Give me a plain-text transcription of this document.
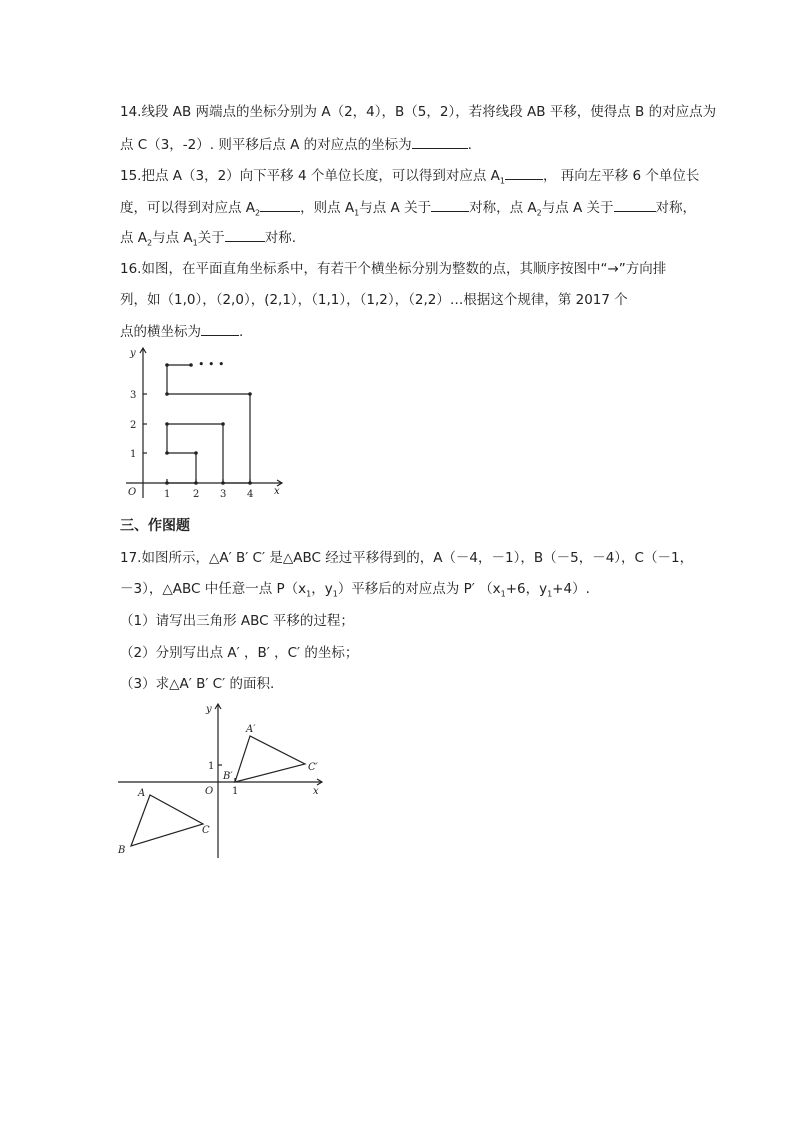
14.线段 AB 两端点的坐标分别为 A（2，4），B（5，2），若将线段 AB 平移，使得点 B 的对应点为
点 C（3，-2）. 则平移后点 A 的对应点的坐标为	.
15.把点 A（3，2）向下平移 4 个单位长度，可以得到对应点 $A_1$	， 再向左平移 6 个单位长
度，可以得到对应点 $A_2$	，则点 $A_1$与点 A 关于	对称，点 $A_2$与点 A 关于	对称，
点 $A_2$与点 $A_1$关于	对称.
16.如图，在平面直角坐标系中，有若干个横坐标分别为整数的点，其顺序按图中“→”方向排
列，如（1,0），（2,0），(2,1），（1,1），（1,2），（2,2）…根据这个规律，第 2017 个
点的横坐标为	.
x
y
O	1 2 3 4
1
2
3
• • •
三、作图题
17.如图所示，△A′ B′ C′ 是△ABC 经过平移得到的，A（－4，－1），B（－5，－4），C（－1，
－3），△ABC 中任意一点 $P(x_1$，$y_1$）平移后的对应点为 P′ （$x_1+6$，$y_1+4$）.
（1）请写出三角形 ABC 平移的过程；
（2）分别写出点 A′ ，B′ ，C′ 的坐标；
（3）求△A′ B′ C′ 的面积.
x
y
O
A
B
C
A′
B′
C′
1
1
